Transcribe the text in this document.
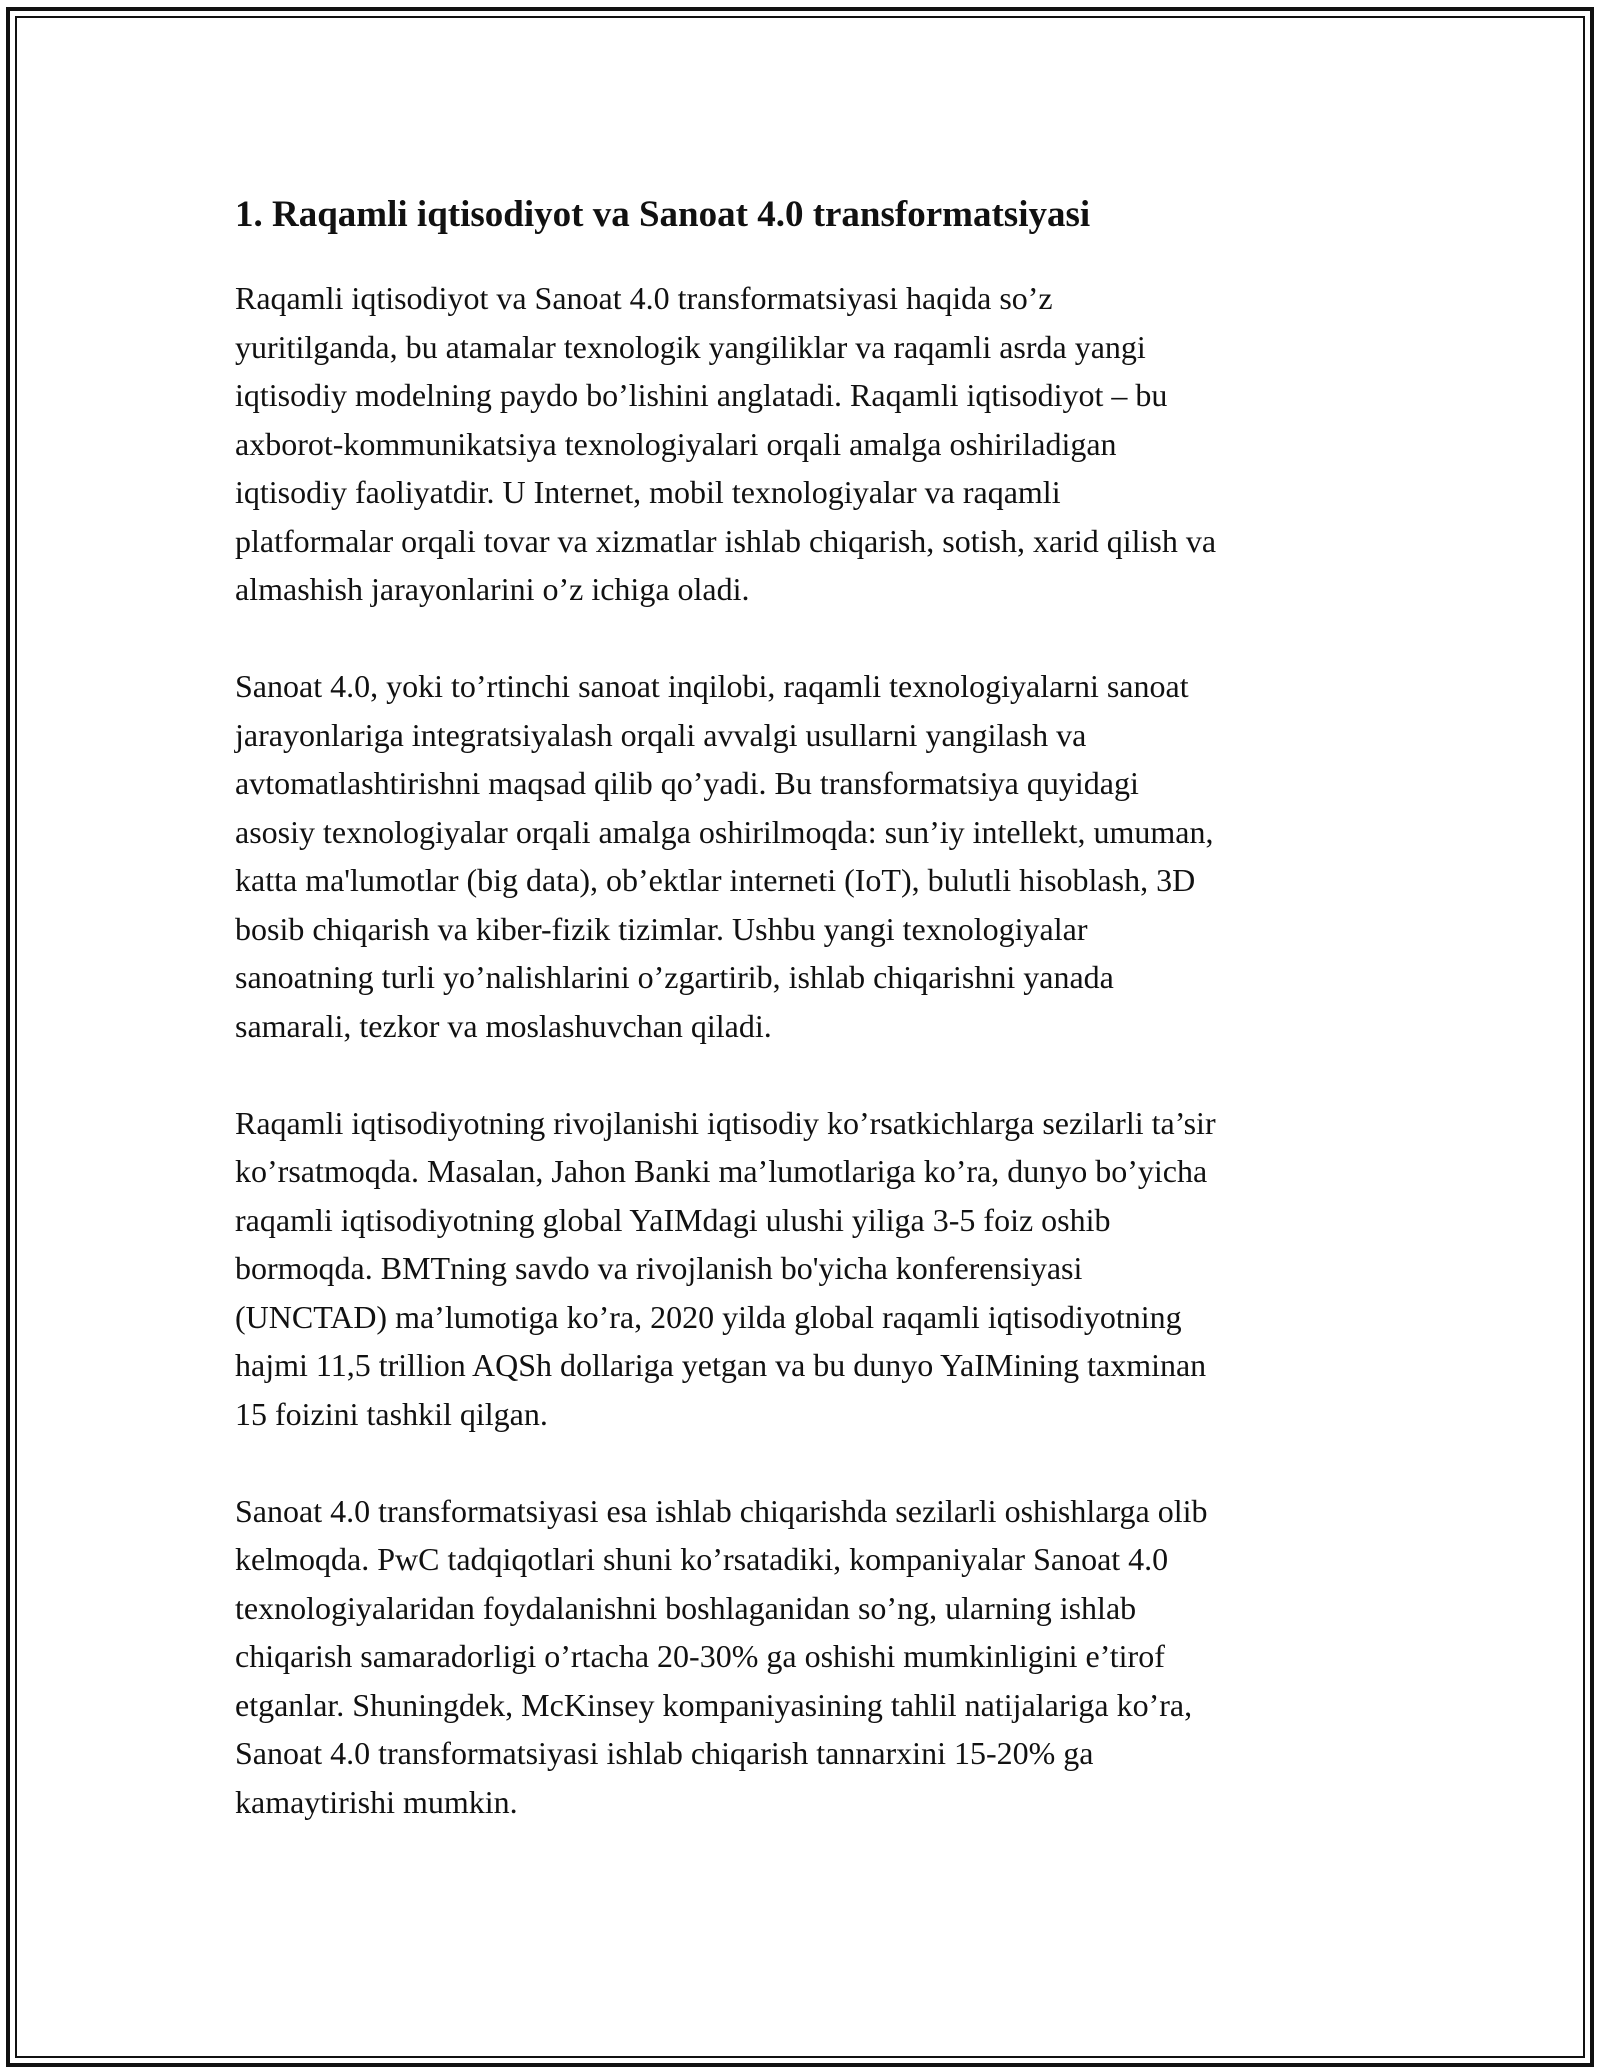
1. Raqamli iqtisodiyot va Sanoat 4.0 transformatsiyasi

Raqamli iqtisodiyot va Sanoat 4.0 transformatsiyasi haqida so’z
yuritilganda, bu atamalar texnologik yangiliklar va raqamli asrda yangi
iqtisodiy modelning paydo bo’lishini anglatadi. Raqamli iqtisodiyot – bu
axborot-kommunikatsiya texnologiyalari orqali amalga oshiriladigan
iqtisodiy faoliyatdir. U Internet, mobil texnologiyalar va raqamli
platformalar orqali tovar va xizmatlar ishlab chiqarish, sotish, xarid qilish va
almashish jarayonlarini o’z ichiga oladi.

Sanoat 4.0, yoki to’rtinchi sanoat inqilobi, raqamli texnologiyalarni sanoat
jarayonlariga integratsiyalash orqali avvalgi usullarni yangilash va
avtomatlashtirishni maqsad qilib qo’yadi. Bu transformatsiya quyidagi
asosiy texnologiyalar orqali amalga oshirilmoqda: sun’iy intellekt, umuman,
katta ma'lumotlar (big data), ob’ektlar interneti (IoT), bulutli hisoblash, 3D
bosib chiqarish va kiber-fizik tizimlar. Ushbu yangi texnologiyalar
sanoatning turli yo’nalishlarini o’zgartirib, ishlab chiqarishni yanada
samarali, tezkor va moslashuvchan qiladi.

Raqamli iqtisodiyotning rivojlanishi iqtisodiy ko’rsatkichlarga sezilarli ta’sir
ko’rsatmoqda. Masalan, Jahon Banki ma’lumotlariga ko’ra, dunyo bo’yicha
raqamli iqtisodiyotning global YaIMdagi ulushi yiliga 3-5 foiz oshib
bormoqda. BMTning savdo va rivojlanish bo'yicha konferensiyasi
(UNCTAD) ma’lumotiga ko’ra, 2020 yilda global raqamli iqtisodiyotning
hajmi 11,5 trillion AQSh dollariga yetgan va bu dunyo YaIMining taxminan
15 foizini tashkil qilgan.

Sanoat 4.0 transformatsiyasi esa ishlab chiqarishda sezilarli oshishlarga olib
kelmoqda. PwC tadqiqotlari shuni ko’rsatadiki, kompaniyalar Sanoat 4.0
texnologiyalaridan foydalanishni boshlaganidan so’ng, ularning ishlab
chiqarish samaradorligi o’rtacha 20-30% ga oshishi mumkinligini e’tirof
etganlar. Shuningdek, McKinsey kompaniyasining tahlil natijalariga ko’ra,
Sanoat 4.0 transformatsiyasi ishlab chiqarish tannarxini 15-20% ga
kamaytirishi mumkin.
